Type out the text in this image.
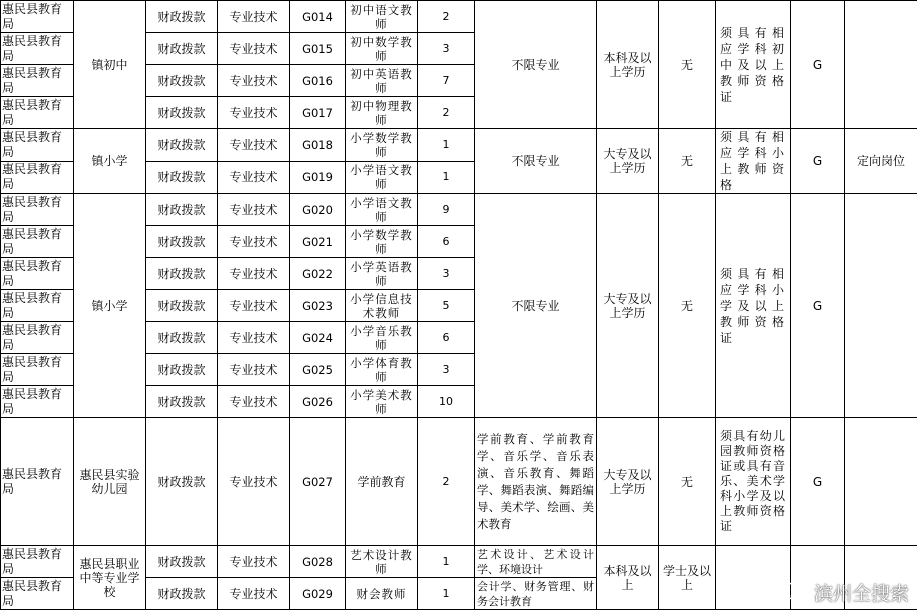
惠民县教育局	镇初中	财政拨款	专业技术	G014	初中语文教师	2	不限专业	本科及以上学历	无	须具有相应学科初中及以上教师资格证	G	
惠民县教育局		财政拨款	专业技术	G015	初中数学教师	3						
惠民县教育局		财政拨款	专业技术	G016	初中英语教师	7						
惠民县教育局		财政拨款	专业技术	G017	初中物理教师	2						
惠民县教育局	镇小学	财政拨款	专业技术	G018	小学数学教师	1	不限专业	大专及以上学历	无	须具有相应学科小上教师资格	G	定向岗位
惠民县教育局		财政拨款	专业技术	G019	小学语文教师	1						
惠民县教育局	镇小学	财政拨款	专业技术	G020	小学语文教师	9	不限专业	大专及以上学历	无	须具有相应学科小学及以上教师资格证	G	
惠民县教育局		财政拨款	专业技术	G021	小学数学教师	6						
惠民县教育局		财政拨款	专业技术	G022	小学英语教师	3						
惠民县教育局		财政拨款	专业技术	G023	小学信息技术教师	5						
惠民县教育局		财政拨款	专业技术	G024	小学音乐教师	6						
惠民县教育局		财政拨款	专业技术	G025	小学体育教师	3						
惠民县教育局		财政拨款	专业技术	G026	小学美术教师	10						
惠民县教育局	惠民县实验幼儿园	财政拨款	专业技术	G027	学前教育	2	学前教育、学前教育学、音乐学、音乐表演、音乐教育、舞蹈学、舞蹈表演、舞蹈编导、美术学、绘画、美术教育	大专及以上学历	无	须具有幼儿园教师资格证或具有音乐、美术学科小学及以上教师资格证	G	
惠民县教育局	惠民县职业中等专业学校	财政拨款	专业技术	G028	艺术设计教师	1	艺术设计、艺术设计学、环境设计	本科及以上	学士及以上			
惠民县教育局		财政拨款	专业技术	G029	财会教师	1	会计学、财务管理、财务会计教育						滨州全搜索
